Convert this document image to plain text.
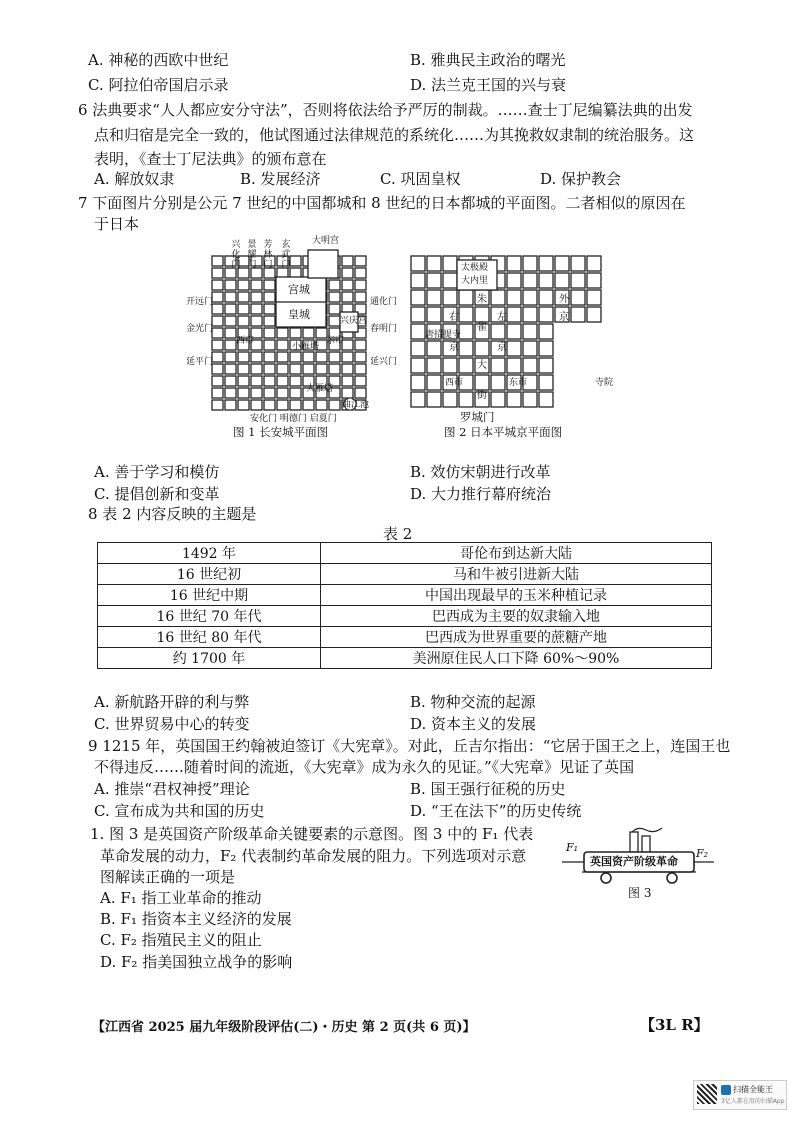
A. 神秘的西欧中世纪	B. 雅典民主政治的曙光
C. 阿拉伯帝国启示录	D. 法兰克王国的兴与衰
6 法典要求“人人都应安分守法”，否则将依法给予严厉的制裁。……查士丁尼编纂法典的出发
点和归宿是完全一致的，他试图通过法律规范的系统化……为其挽救奴隶制的统治服务。这
表明，《查士丁尼法典》的颁布意在
A. 解放奴隶	B. 发展经济	C. 巩固皇权	D. 保护教会
7 下面图片分别是公元 7 世纪的中国都城和 8 世纪的日本都城的平面图。二者相似的原因在
于日本
兴化门
景耀门
芳林门
玄武门
大明宫
开远门
金光门
延平门
通化门
春明门
延兴门
宫城
皇城	兴庆宫
西市	东市
小雁塔
大雁塔
曲江池
安化门 明德门 启夏门
图 1 长安城平面图
太极殿
大内里
朱
雀
大
街
右	左
京	京
唐招提寺
西市	东市
外
京
寺院
罗城门
图 2 日本平城京平面图
A. 善于学习和模仿	B. 效仿宋朝进行改革
C. 提倡创新和变革	D. 大力推行幕府统治
8 表 2 内容反映的主题是
表 2
1492 年	哥伦布到达新大陆
16 世纪初	马和牛被引进新大陆
16 世纪中期	中国出现最早的玉米种植记录
16 世纪 70 年代	巴西成为主要的奴隶输入地
16 世纪 80 年代	巴西成为世界重要的蔗糖产地
约 1700 年	美洲原住民人口下降 60%～90%
A. 新航路开辟的利与弊	B. 物种交流的起源
C. 世界贸易中心的转变	D. 资本主义的发展
9 1215 年，英国国王约翰被迫签订《大宪章》。对此，丘吉尔指出：“它居于国王之上，连国王也
不得违反……随着时间的流逝，《大宪章》成为永久的见证。”《大宪章》见证了英国
A. 推崇“君权神授”理论	B. 国王强行征税的历史
C. 宣布成为共和国的历史	D. “王在法下”的历史传统
1. 图 3 是英国资产阶级革命关键要素的示意图。图 3 中的 F₁ 代表
革命发展的动力，F₂ 代表制约革命发展的阻力。下列选项对示意
图解读正确的一项是
A. F₁ 指工业革命的推动
B. F₁ 指资本主义经济的发展
C. F₂ 指殖民主义的阻止
D. F₂ 指美国独立战争的影响
F₁	F₂
英国资产阶级革命
图 3
【江西省 2025 届九年级阶段评估(二)・历史 第 2 页(共 6 页)】	【3L R】
扫描全能王
3亿人都在用的扫描App
